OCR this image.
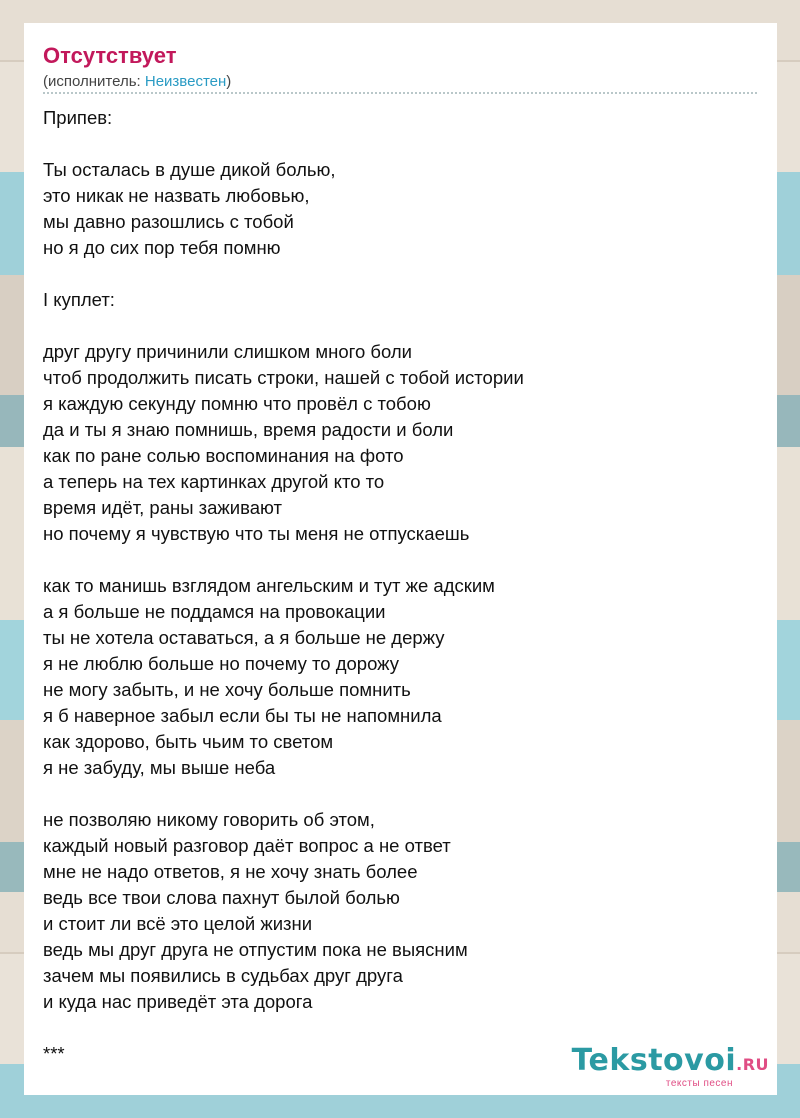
Отсутствует
(исполнитель: Неизвестен)
Припев:
Ты осталась в душе дикой болью,
это никак не назвать любовью,
мы давно разошлись с тобой
но я до сих пор тебя помню
I куплет:
друг другу причинили слишком много боли
чтоб продолжить писать строки, нашей с тобой истории
я каждую секунду помню что провёл с тобою
да и ты я знаю помнишь, время радости и боли
как по ране солью воспоминания на фото
а теперь на тех картинках другой кто то
время идёт, раны заживают
но почему я чувствую что ты меня не отпускаешь
как то манишь взглядом ангельским и тут же адским
а я больше не поддамся на провокации
ты не хотела оставаться, а я больше не держу
я не люблю больше но почему то дорожу
не могу забыть, и не хочу больше помнить
я б наверное забыл если бы ты не напомнила
как здорово, быть чьим то светом
я не забуду, мы выше неба
не позволяю никому говорить об этом,
каждый новый разговор даёт вопрос а не ответ
мне не надо ответов, я не хочу знать более
ведь все твои слова пахнут былой болью
и стоит ли всё это целой жизни
ведь мы друг друга не отпустим пока не выясним
зачем мы появились в судьбах друг друга
и куда нас приведёт эта дорога
***	Tekstovoi.RU
тексты песен
